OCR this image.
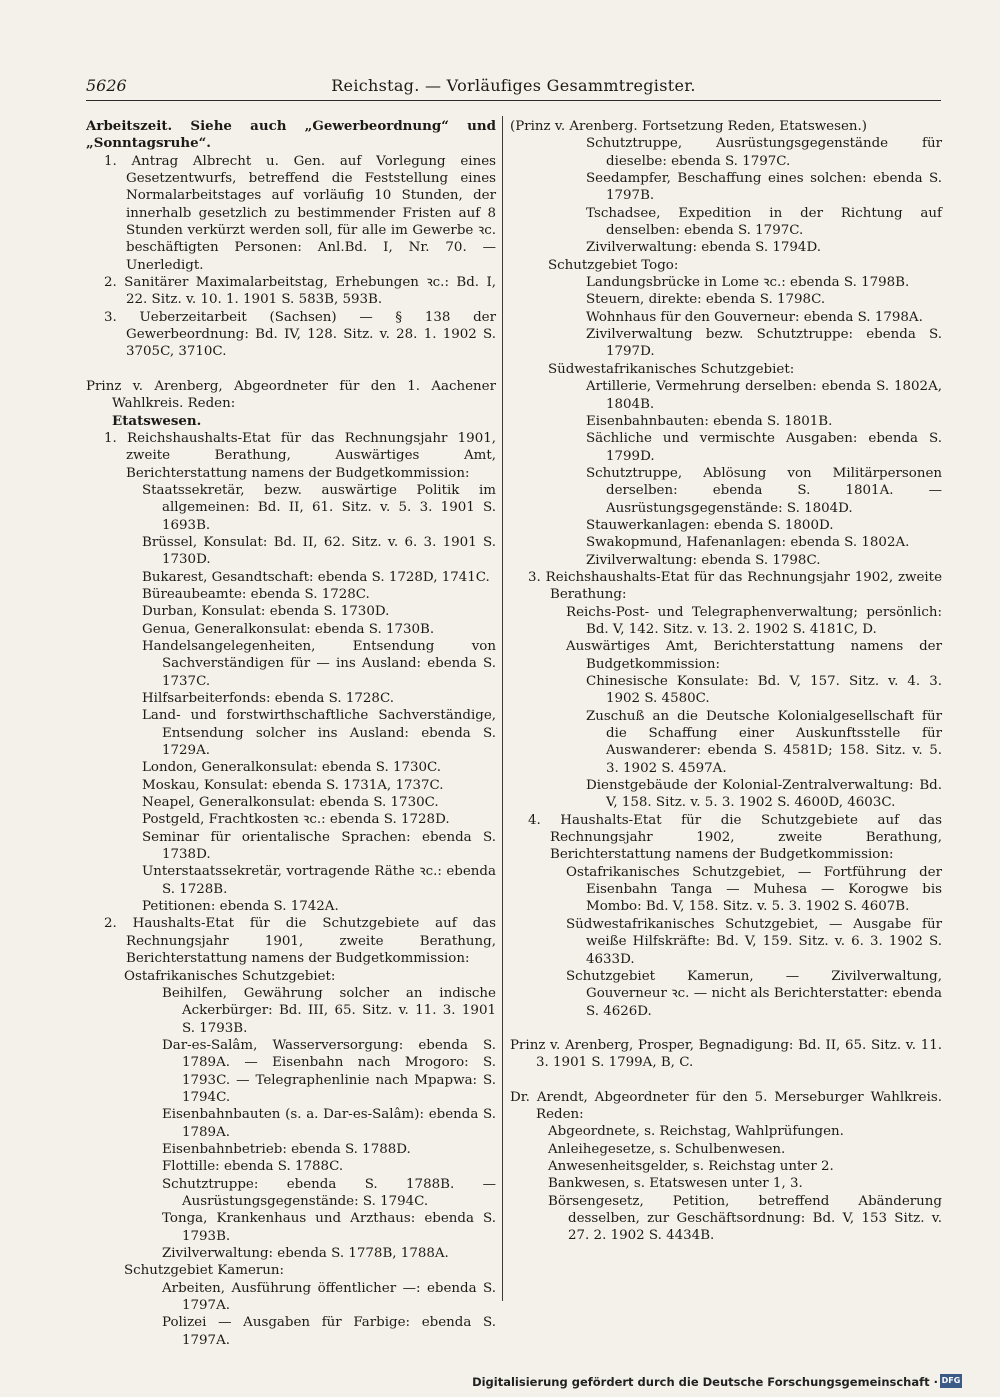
5626	Reichstag. — Vorläufiges Gesammtregister.

Arbeitszeit. Siehe auch „Gewerbeordnung“ und „Sonntagsruhe“.

1. Antrag Albrecht u. Gen. auf Vorlegung eines Gesetzentwurfs, betreffend die Feststellung eines Normalarbeitstages auf vorläufig 10 Stunden, der innerhalb gesetzlich zu bestimmender Fristen auf 8 Stunden verkürzt werden soll, für alle im Gewerbe ꝛc. beschäftigten Personen: Anl.Bd. I, Nr. 70. — Unerledigt.

2. Sanitärer Maximalarbeitstag, Erhebungen ꝛc.: Bd. I, 22. Sitz. v. 10. 1. 1901 S. 583B, 593B.

3. Ueberzeitarbeit (Sachsen) — § 138 der Gewerbeordnung: Bd. IV, 128. Sitz. v. 28. 1. 1902 S. 3705C, 3710C.

Prinz v. Arenberg, Abgeordneter für den 1. Aachener Wahlkreis. Reden:

Etatswesen.

1. Reichshaushalts-Etat für das Rechnungsjahr 1901, zweite Berathung, Auswärtiges Amt, Berichterstattung namens der Budgetkommission:

Staatssekretär, bezw. auswärtige Politik im allgemeinen: Bd. II, 61. Sitz. v. 5. 3. 1901 S. 1693B.

Brüssel, Konsulat: Bd. II, 62. Sitz. v. 6. 3. 1901 S. 1730D.

Bukarest, Gesandtschaft: ebenda S. 1728D, 1741C.

Büreaubeamte: ebenda S. 1728C.

Durban, Konsulat: ebenda S. 1730D.

Genua, Generalkonsulat: ebenda S. 1730B.

Handelsangelegenheiten, Entsendung von Sachverständigen für — ins Ausland: ebenda S. 1737C.

Hilfsarbeiterfonds: ebenda S. 1728C.

Land- und forstwirthschaftliche Sachverständige, Entsendung solcher ins Ausland: ebenda S. 1729A.

London, Generalkonsulat: ebenda S. 1730C.

Moskau, Konsulat: ebenda S. 1731A, 1737C.

Neapel, Generalkonsulat: ebenda S. 1730C.

Postgeld, Frachtkosten ꝛc.: ebenda S. 1728D.

Seminar für orientalische Sprachen: ebenda S. 1738D.

Unterstaatssekretär, vortragende Räthe ꝛc.: ebenda S. 1728B.

Petitionen: ebenda S. 1742A.

2. Haushalts-Etat für die Schutzgebiete auf das Rechnungsjahr 1901, zweite Berathung, Berichterstattung namens der Budgetkommission:

Ostafrikanisches Schutzgebiet:

Beihilfen, Gewährung solcher an indische Ackerbürger: Bd. III, 65. Sitz. v. 11. 3. 1901 S. 1793B.

Dar-es-Salâm, Wasserversorgung: ebenda S. 1789A. — Eisenbahn nach Mrogoro: S. 1793C. — Telegraphenlinie nach Mpapwa: S. 1794C.

Eisenbahnbauten (s. a. Dar-es-Salâm): ebenda S. 1789A.

Eisenbahnbetrieb: ebenda S. 1788D.

Flottille: ebenda S. 1788C.

Schutztruppe: ebenda S. 1788B. — Ausrüstungsgegenstände: S. 1794C.

Tonga, Krankenhaus und Arzthaus: ebenda S. 1793B.

Zivilverwaltung: ebenda S. 1778B, 1788A.

Schutzgebiet Kamerun:

Arbeiten, Ausführung öffentlicher —: ebenda S. 1797A.

Polizei — Ausgaben für Farbige: ebenda S. 1797A.

(Prinz v. Arenberg. Fortsetzung Reden, Etatswesen.)

Schutztruppe, Ausrüstungsgegenstände für dieselbe: ebenda S. 1797C.

Seedampfer, Beschaffung eines solchen: ebenda S. 1797B.

Tschadsee, Expedition in der Richtung auf denselben: ebenda S. 1797C.

Zivilverwaltung: ebenda S. 1794D.

Schutzgebiet Togo:

Landungsbrücke in Lome ꝛc.: ebenda S. 1798B.

Steuern, direkte: ebenda S. 1798C.

Wohnhaus für den Gouverneur: ebenda S. 1798A.

Zivilverwaltung bezw. Schutztruppe: ebenda S. 1797D.

Südwestafrikanisches Schutzgebiet:

Artillerie, Vermehrung derselben: ebenda S. 1802A, 1804B.

Eisenbahnbauten: ebenda S. 1801B.

Sächliche und vermischte Ausgaben: ebenda S. 1799D.

Schutztruppe, Ablösung von Militärpersonen derselben: ebenda S. 1801A. — Ausrüstungsgegenstände: S. 1804D.

Stauwerkanlagen: ebenda S. 1800D.

Swakopmund, Hafenanlagen: ebenda S. 1802A.

Zivilverwaltung: ebenda S. 1798C.

3. Reichshaushalts-Etat für das Rechnungsjahr 1902, zweite Berathung:

Reichs-Post- und Telegraphenverwaltung; persönlich: Bd. V, 142. Sitz. v. 13. 2. 1902 S. 4181C, D.

Auswärtiges Amt, Berichterstattung namens der Budgetkommission:

Chinesische Konsulate: Bd. V, 157. Sitz. v. 4. 3. 1902 S. 4580C.

Zuschuß an die Deutsche Kolonialgesellschaft für die Schaffung einer Auskunftsstelle für Auswanderer: ebenda S. 4581D; 158. Sitz. v. 5. 3. 1902 S. 4597A.

Dienstgebäude der Kolonial-Zentralverwaltung: Bd. V, 158. Sitz. v. 5. 3. 1902 S. 4600D, 4603C.

4. Haushalts-Etat für die Schutzgebiete auf das Rechnungsjahr 1902, zweite Berathung, Berichterstattung namens der Budgetkommission:

Ostafrikanisches Schutzgebiet, — Fortführung der Eisenbahn Tanga — Muhesa — Korogwe bis Mombo: Bd. V, 158. Sitz. v. 5. 3. 1902 S. 4607B.

Südwestafrikanisches Schutzgebiet, — Ausgabe für weiße Hilfskräfte: Bd. V, 159. Sitz. v. 6. 3. 1902 S. 4633D.

Schutzgebiet Kamerun, — Zivilverwaltung, Gouverneur ꝛc. — nicht als Berichterstatter: ebenda S. 4626D.

Prinz v. Arenberg, Prosper, Begnadigung: Bd. II, 65. Sitz. v. 11. 3. 1901 S. 1799A, B, C.

Dr. Arendt, Abgeordneter für den 5. Merseburger Wahlkreis. Reden:

Abgeordnete, s. Reichstag, Wahlprüfungen.

Anleihegesetze, s. Schulbenwesen.

Anwesenheitsgelder, s. Reichstag unter 2.

Bankwesen, s. Etatswesen unter 1, 3.

Börsengesetz, Petition, betreffend Abänderung desselben, zur Geschäftsordnung: Bd. V, 153 Sitz. v. 27. 2. 1902 S. 4434B.

Digitalisierung gefördert durch die Deutsche Forschungsgemeinschaft · DFG
